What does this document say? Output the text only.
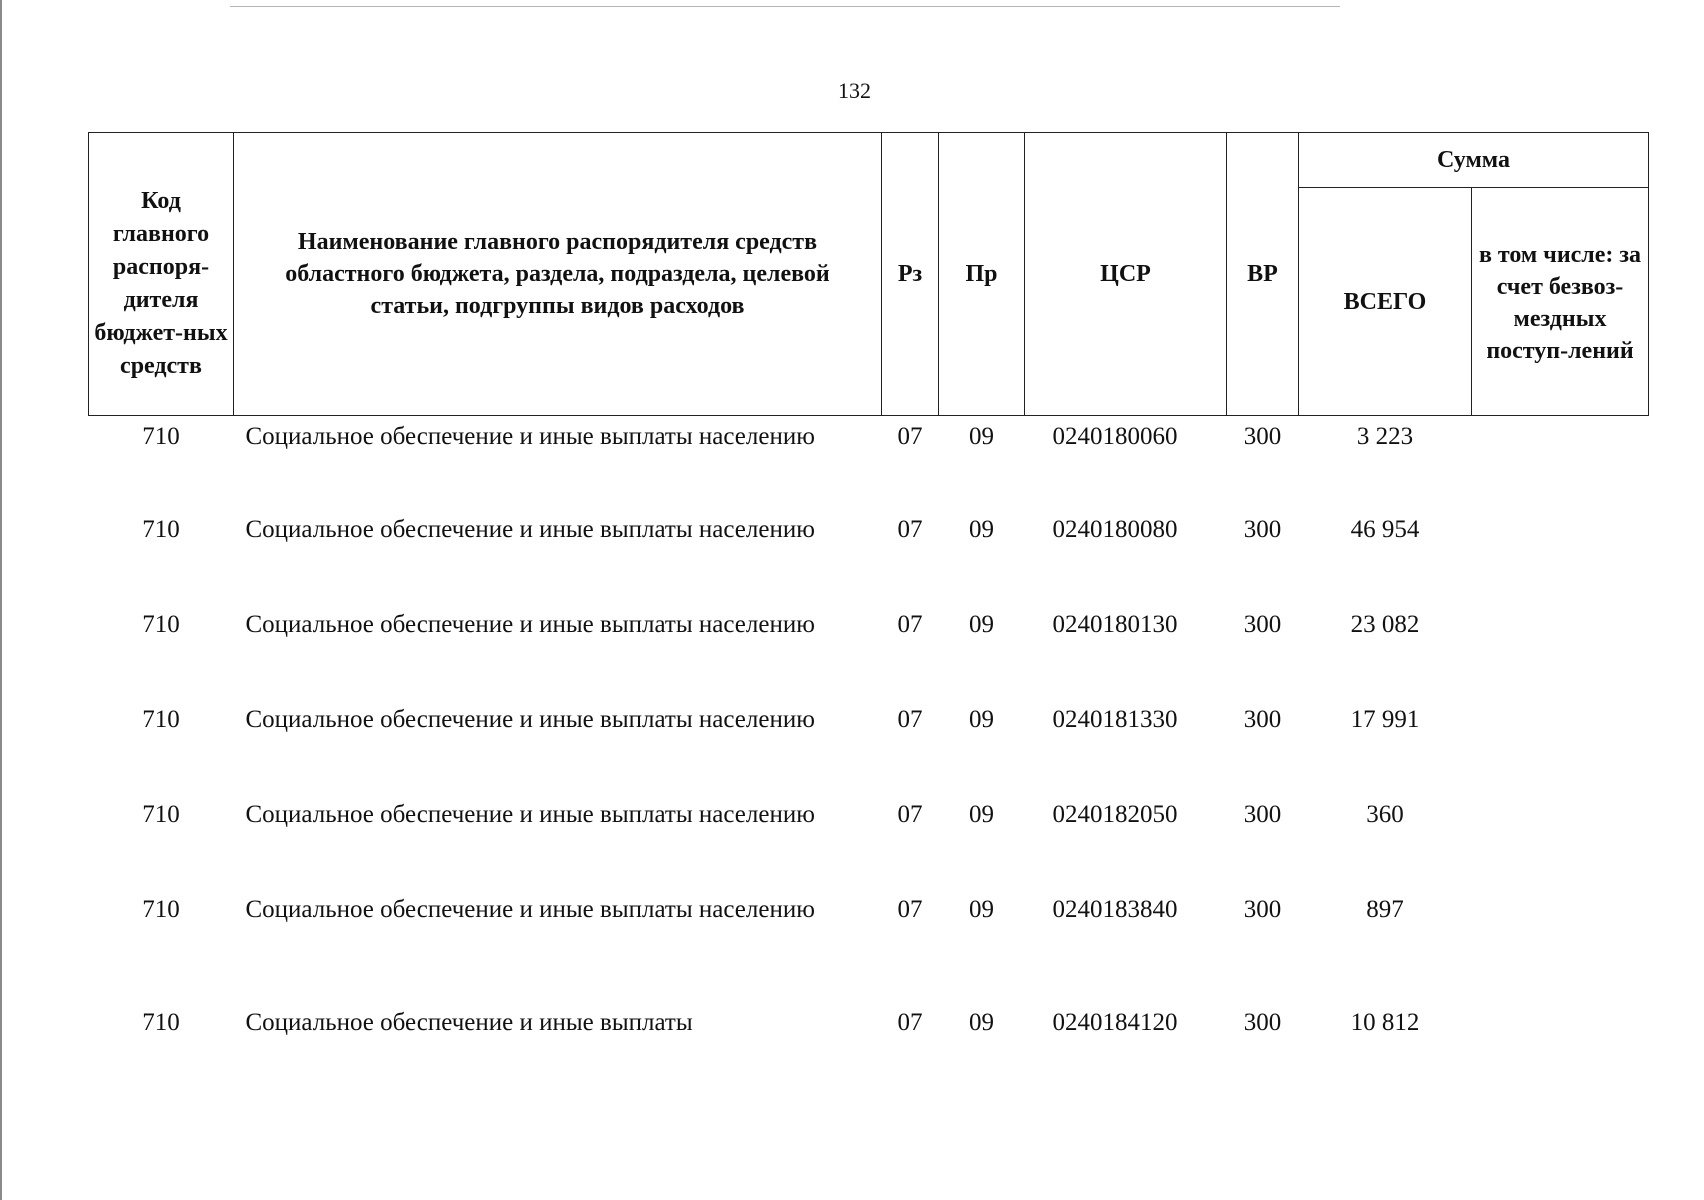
132
Код главного распоря-дителя бюджет-ных средств	Наименование главного распорядителя средств областного бюджета, раздела, подраздела, целевой статьи, подгруппы видов расходов	Рз	Пр	ЦСР	ВР	Сумма	
						ВСЕГО	в том числе: за счет безвоз-мездных поступ-лений
710	Социальное обеспечение и иные выплаты населению	07	09	0240180060	300	3 223	
710	Социальное обеспечение и иные выплаты населению	07	09	0240180080	300	46 954	
710	Социальное обеспечение и иные выплаты населению	07	09	0240180130	300	23 082	
710	Социальное обеспечение и иные выплаты населению	07	09	0240181330	300	17 991	
710	Социальное обеспечение и иные выплаты населению	07	09	0240182050	300	360	
710	Социальное обеспечение и иные выплаты населению	07	09	0240183840	300	897	
710	Социальное обеспечение и иные выплаты	07	09	0240184120	300	10 812	
